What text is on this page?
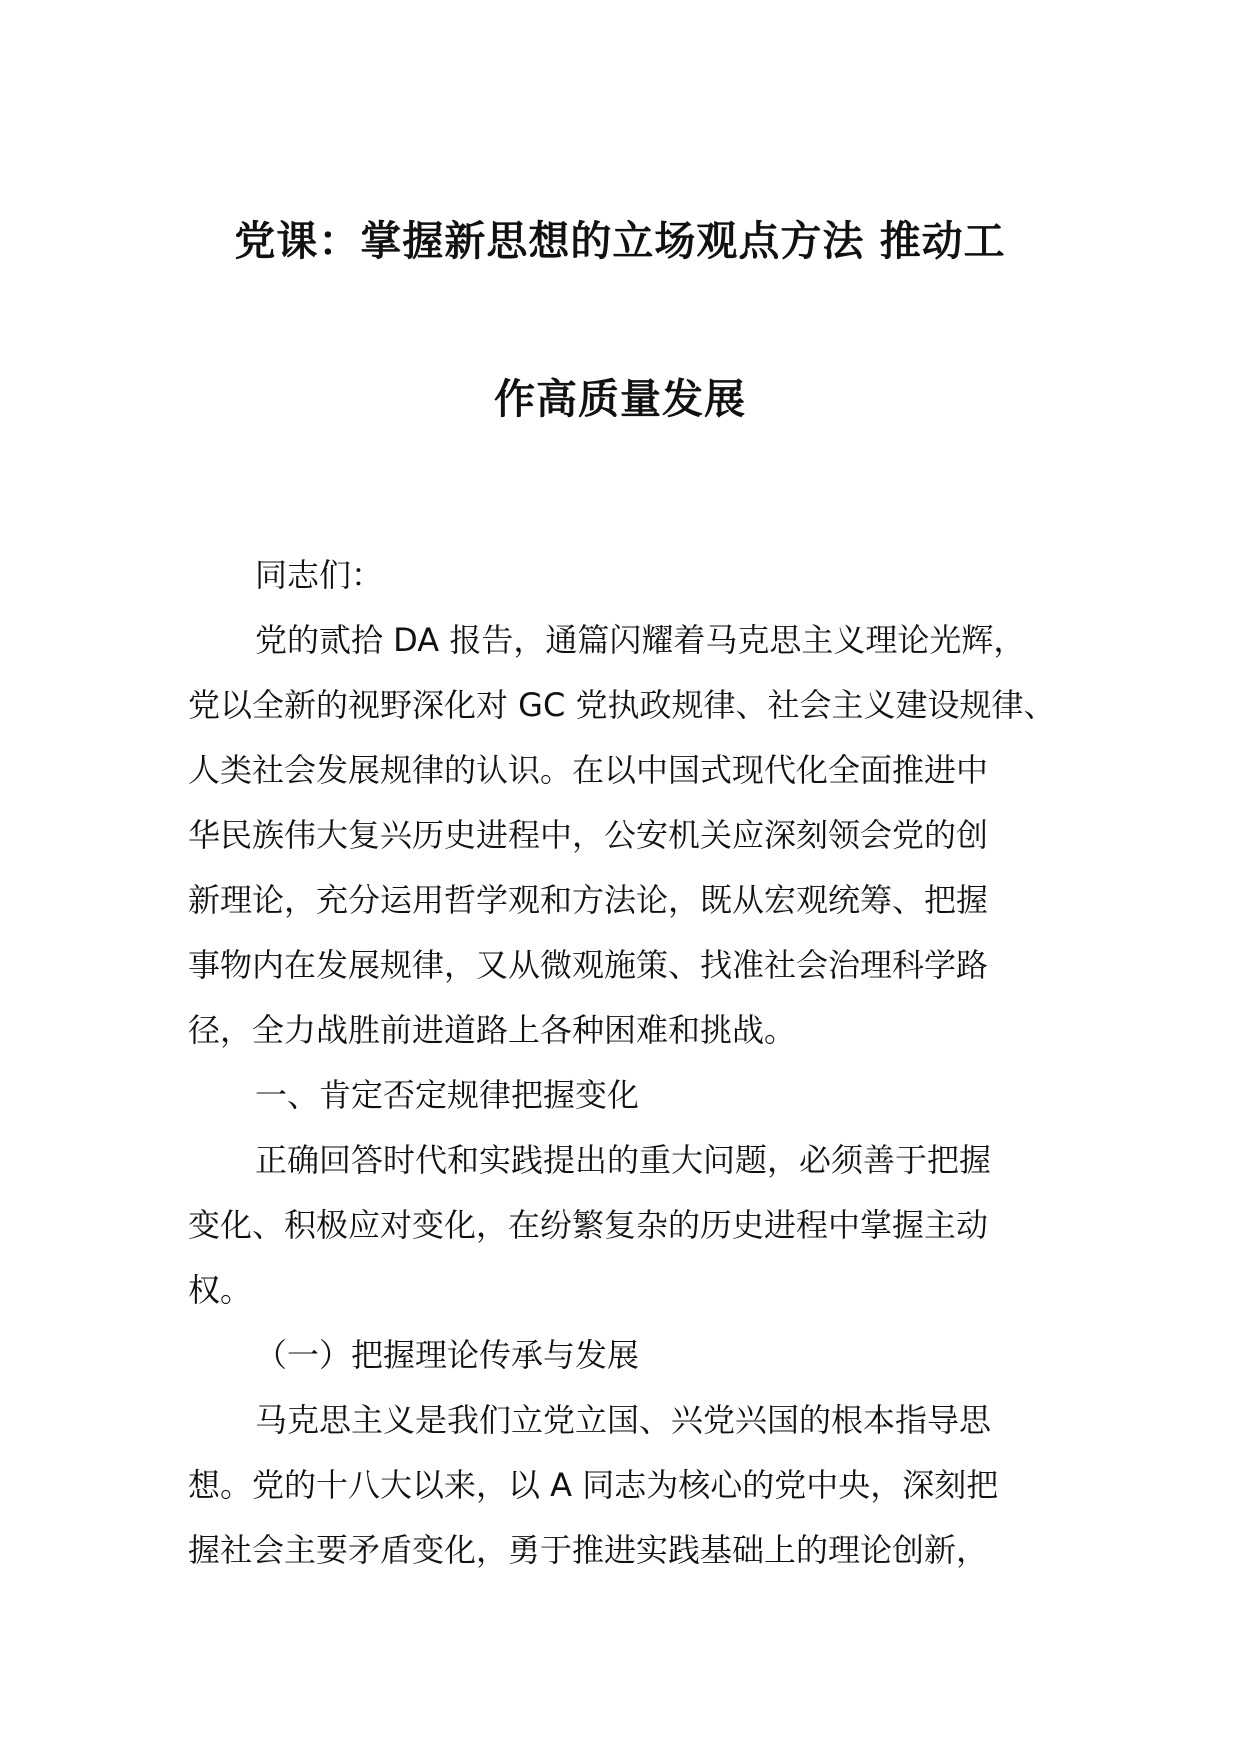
党课：掌握新思想的立场观点方法 推动工
作高质量发展
同志们：
党的贰拾 DA 报告，通篇闪耀着马克思主义理论光辉，
党以全新的视野深化对 GC 党执政规律、社会主义建设规律、
人类社会发展规律的认识。在以中国式现代化全面推进中
华民族伟大复兴历史进程中，公安机关应深刻领会党的创
新理论，充分运用哲学观和方法论，既从宏观统筹、把握
事物内在发展规律，又从微观施策、找准社会治理科学路
径，全力战胜前进道路上各种困难和挑战。
一、肯定否定规律把握变化
正确回答时代和实践提出的重大问题，必须善于把握
变化、积极应对变化，在纷繁复杂的历史进程中掌握主动
权。
（一）把握理论传承与发展
马克思主义是我们立党立国、兴党兴国的根本指导思
想。党的十八大以来，以 A 同志为核心的党中央，深刻把
握社会主要矛盾变化，勇于推进实践基础上的理论创新，
